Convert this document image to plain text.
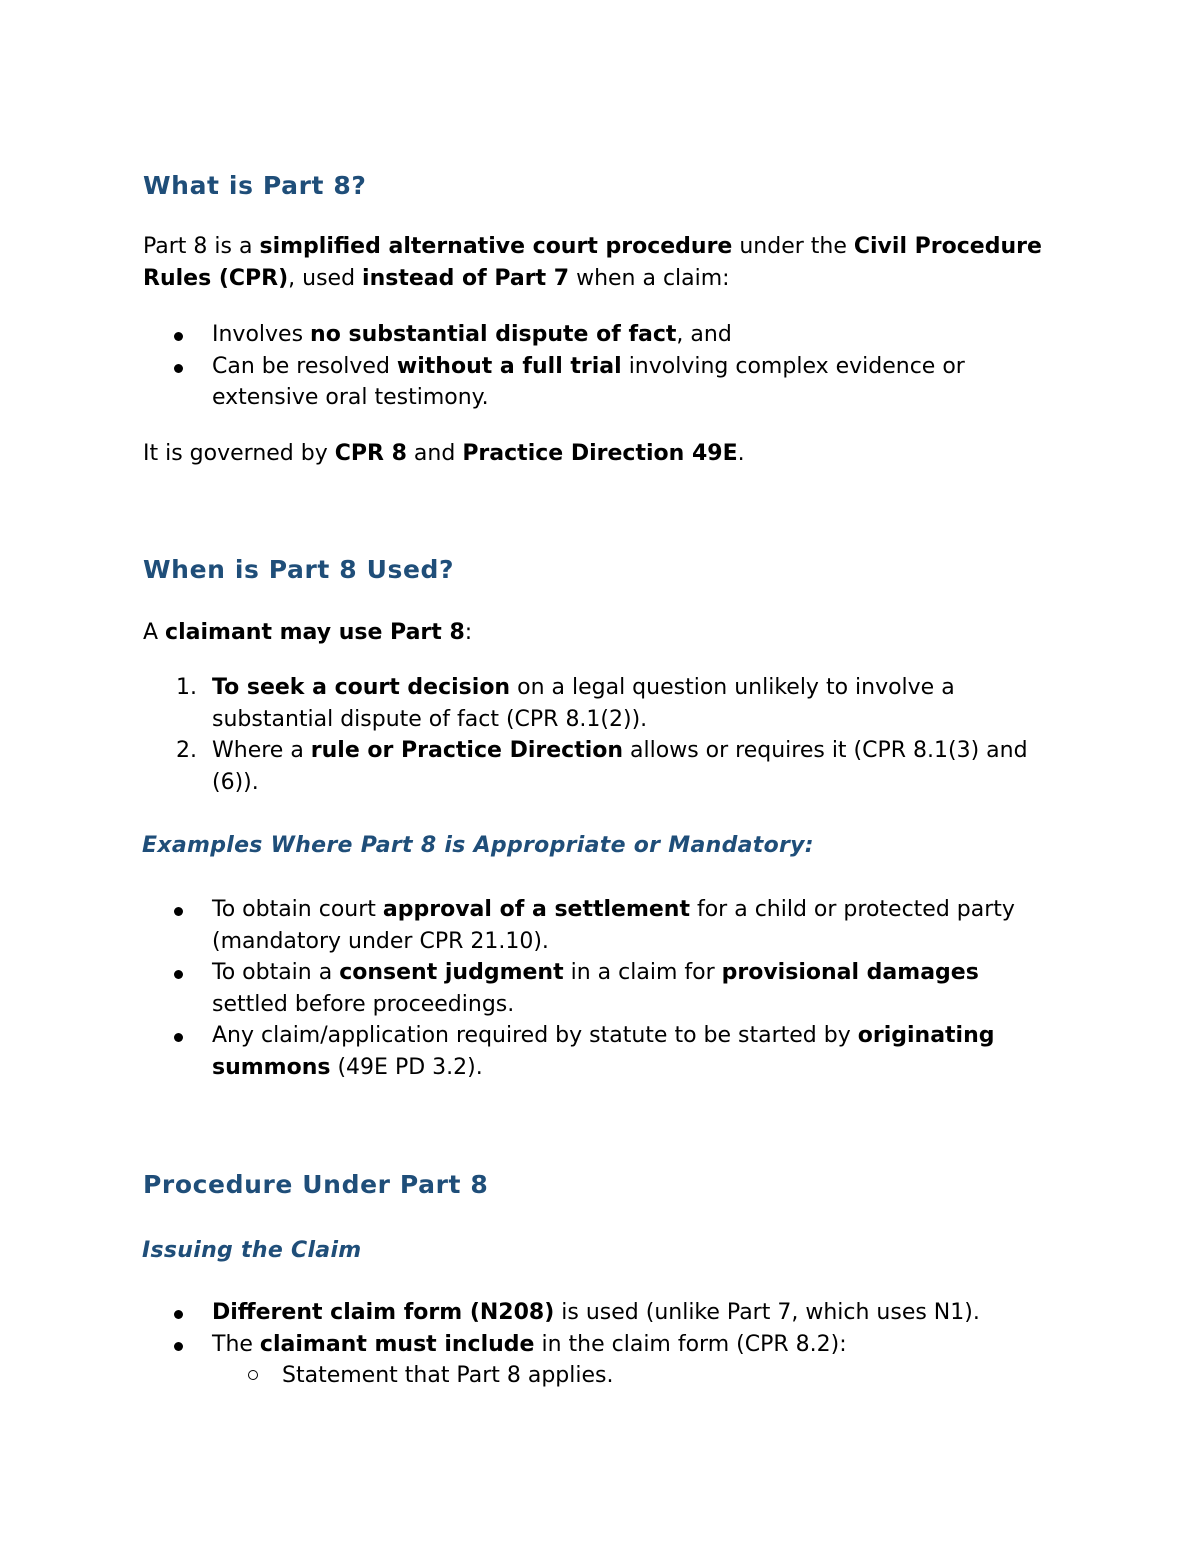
What is Part 8?

Part 8 is a simplified alternative court procedure under the Civil Procedure Rules (CPR), used instead of Part 7 when a claim:

Involves no substantial dispute of fact, and
Can be resolved without a full trial involving complex evidence or extensive oral testimony.

It is governed by CPR 8 and Practice Direction 49E.

When is Part 8 Used?

A claimant may use Part 8:

1. To seek a court decision on a legal question unlikely to involve a substantial dispute of fact (CPR 8.1(2)).
2. Where a rule or Practice Direction allows or requires it (CPR 8.1(3) and (6)).
Examples Where Part 8 is Appropriate or Mandatory:
To obtain court approval of a settlement for a child or protected party (mandatory under CPR 21.10).
To obtain a consent judgment in a claim for provisional damages settled before proceedings.
Any claim/application required by statute to be started by originating summons (49E PD 3.2).
Procedure Under Part 8
Issuing the Claim
Different claim form (N208) is used (unlike Part 7, which uses N1).
The claimant must include in the claim form (CPR 8.2):
Statement that Part 8 applies.
